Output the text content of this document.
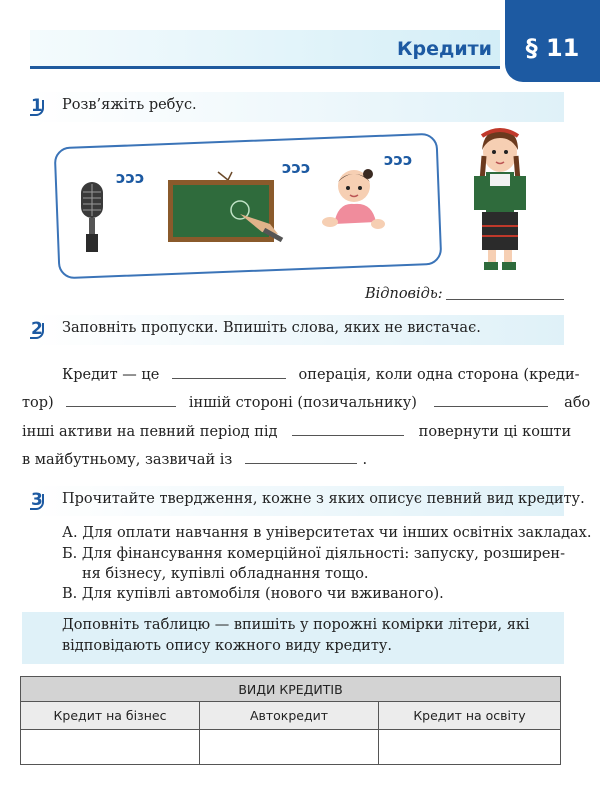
Кредити	§ 11
1 Розв’яжіть ребус.
ɔɔɔ
ɔɔɔ	ɔɔɔ
Відповідь:
2 Заповніть пропуски. Впишіть слова, яких не вистачає.
Кредит — це	операція, коли одна сторона (креди-
тор)	іншій стороні (позичальнику)	або
інші активи на певний період під	повернути ці кошти
в майбутньому, зазвичай із	.
3 Прочитайте твердження, кожне з яких описує певний вид кредиту.
А. Для оплати навчання в університетах чи інших освітніх закладах.
Б. Для фінансування комерційної діяльності: запуску, розширен-
ня бізнесу, купівлі обладнання тощо.
В. Для купівлі автомобіля (нового чи вживаного).
Доповніть таблицю — впишіть у порожні комірки літери, які
відповідають опису кожного виду кредиту.
ВИДИ КРЕДИТІВ		
Кредит на бізнес	Автокредит	Кредит на освіту
